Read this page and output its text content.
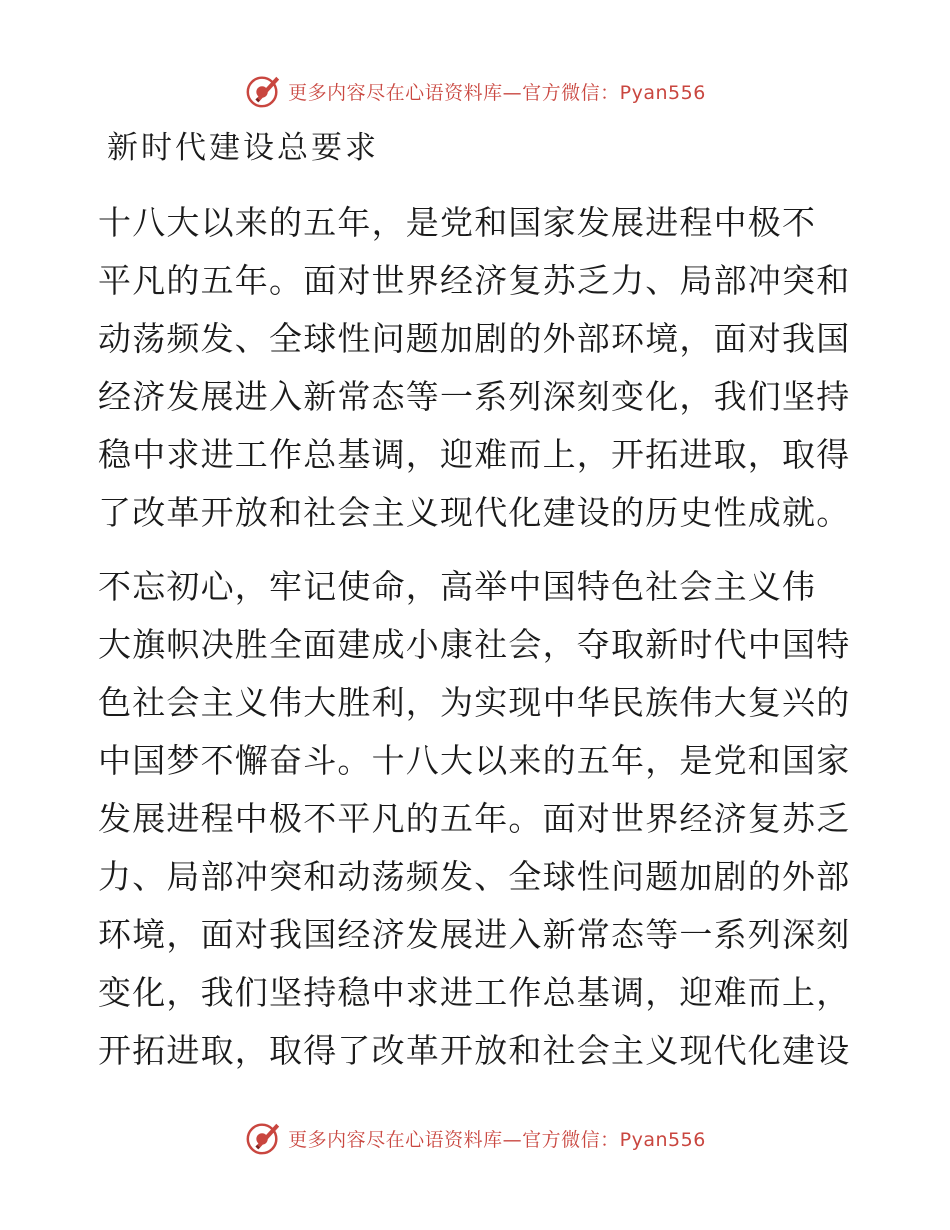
更多内容尽在心语资料库—官方微信：Pyan556
新时代建设总要求
十八大以来的五年，是党和国家发展进程中极不
平凡的五年。面对世界经济复苏乏力、局部冲突和
动荡频发、全球性问题加剧的外部环境，面对我国
经济发展进入新常态等一系列深刻变化，我们坚持
稳中求进工作总基调，迎难而上，开拓进取，取得
了改革开放和社会主义现代化建设的历史性成就。
不忘初心，牢记使命，高举中国特色社会主义伟
大旗帜决胜全面建成小康社会，夺取新时代中国特
色社会主义伟大胜利，为实现中华民族伟大复兴的
中国梦不懈奋斗。十八大以来的五年，是党和国家
发展进程中极不平凡的五年。面对世界经济复苏乏
力、局部冲突和动荡频发、全球性问题加剧的外部
环境，面对我国经济发展进入新常态等一系列深刻
变化，我们坚持稳中求进工作总基调，迎难而上，
开拓进取，取得了改革开放和社会主义现代化建设
更多内容尽在心语资料库—官方微信：Pyan556
